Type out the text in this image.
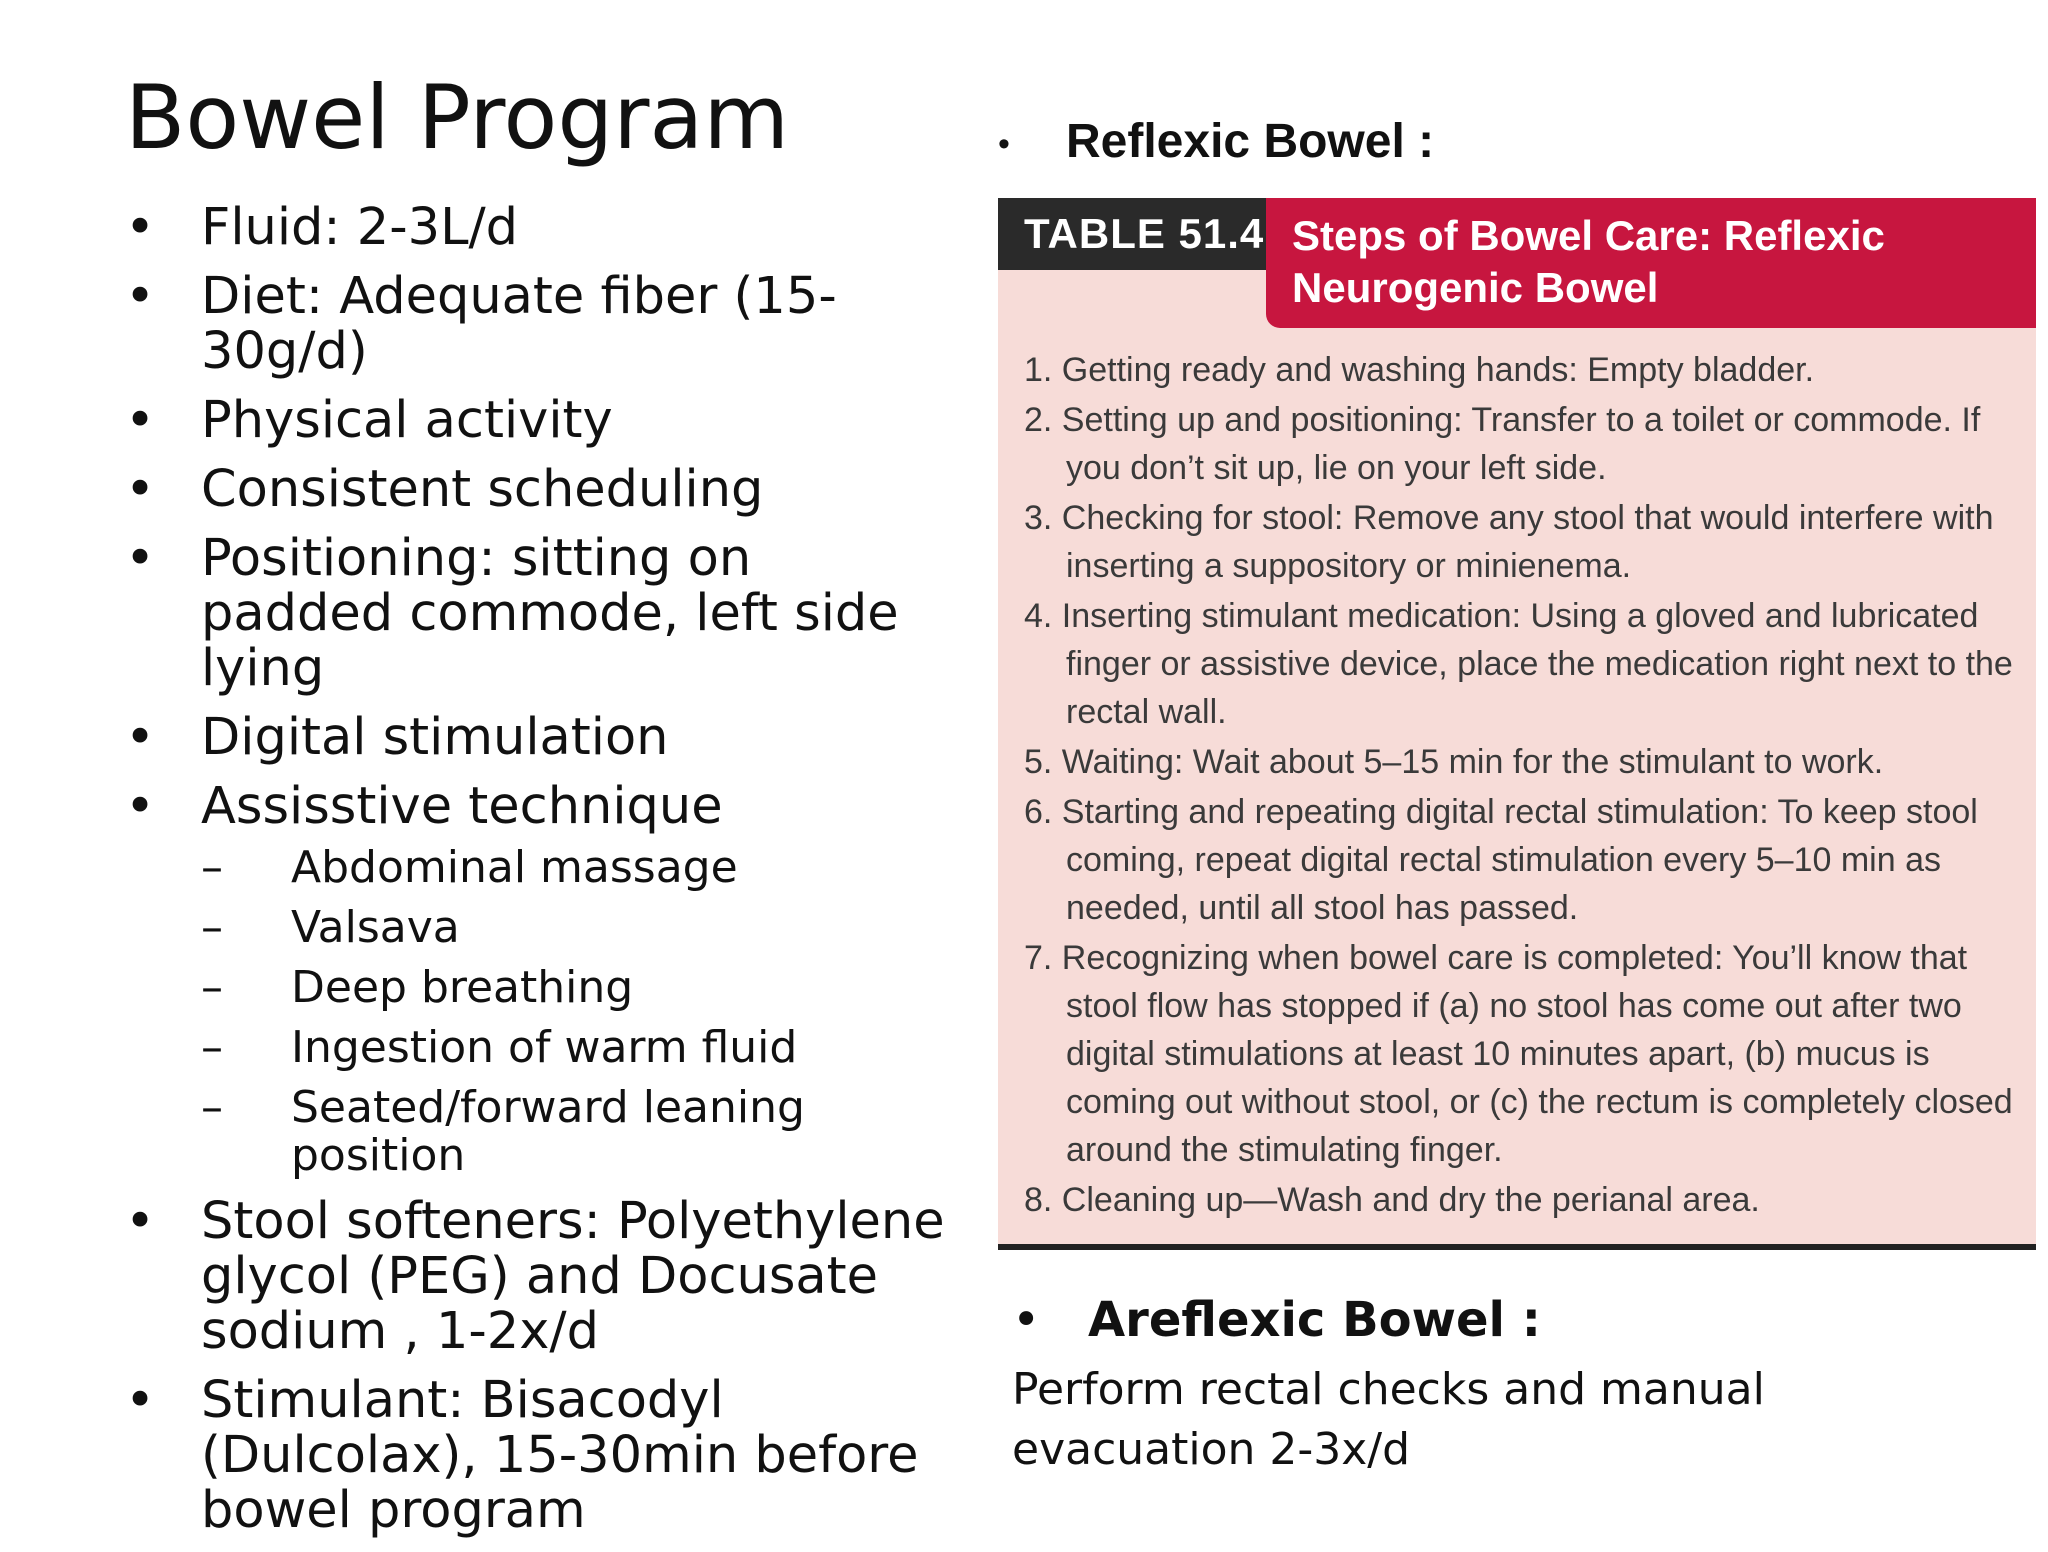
Bowel Program
• Fluid: 2-3L/d
• Diet: Adequate fiber (15-30g/d)
• Physical activity
• Consistent scheduling
• Positioning: sitting on padded commode, left side lying
• Digital stimulation
• Assisstive technique
– Abdominal massage
– Valsava
– Deep breathing
– Ingestion of warm fluid
– Seated/forward leaning position
• Stool softeners: Polyethylene glycol (PEG) and Docusate sodium , 1-2x/d
• Stimulant: Bisacodyl (Dulcolax), 15-30min before bowel program
• Reflexic Bowel :
TABLE 51.4 Steps of Bowel Care: Reflexic Neurogenic Bowel
1. Getting ready and washing hands: Empty bladder.
2. Setting up and positioning: Transfer to a toilet or commode. If you don’t sit up, lie on your left side.
3. Checking for stool: Remove any stool that would interfere with inserting a suppository or minienema.
4. Inserting stimulant medication: Using a gloved and lubricated finger or assistive device, place the medication right next to the rectal wall.
5. Waiting: Wait about 5–15 min for the stimulant to work.
6. Starting and repeating digital rectal stimulation: To keep stool coming, repeat digital rectal stimulation every 5–10 min as needed, until all stool has passed.
7. Recognizing when bowel care is completed: You’ll know that stool flow has stopped if (a) no stool has come out after two digital stimulations at least 10 minutes apart, (b) mucus is coming out without stool, or (c) the rectum is completely closed around the stimulating finger.
8. Cleaning up—Wash and dry the perianal area.
• Areflexic Bowel :
Perform rectal checks and manual evacuation 2-3x/d
